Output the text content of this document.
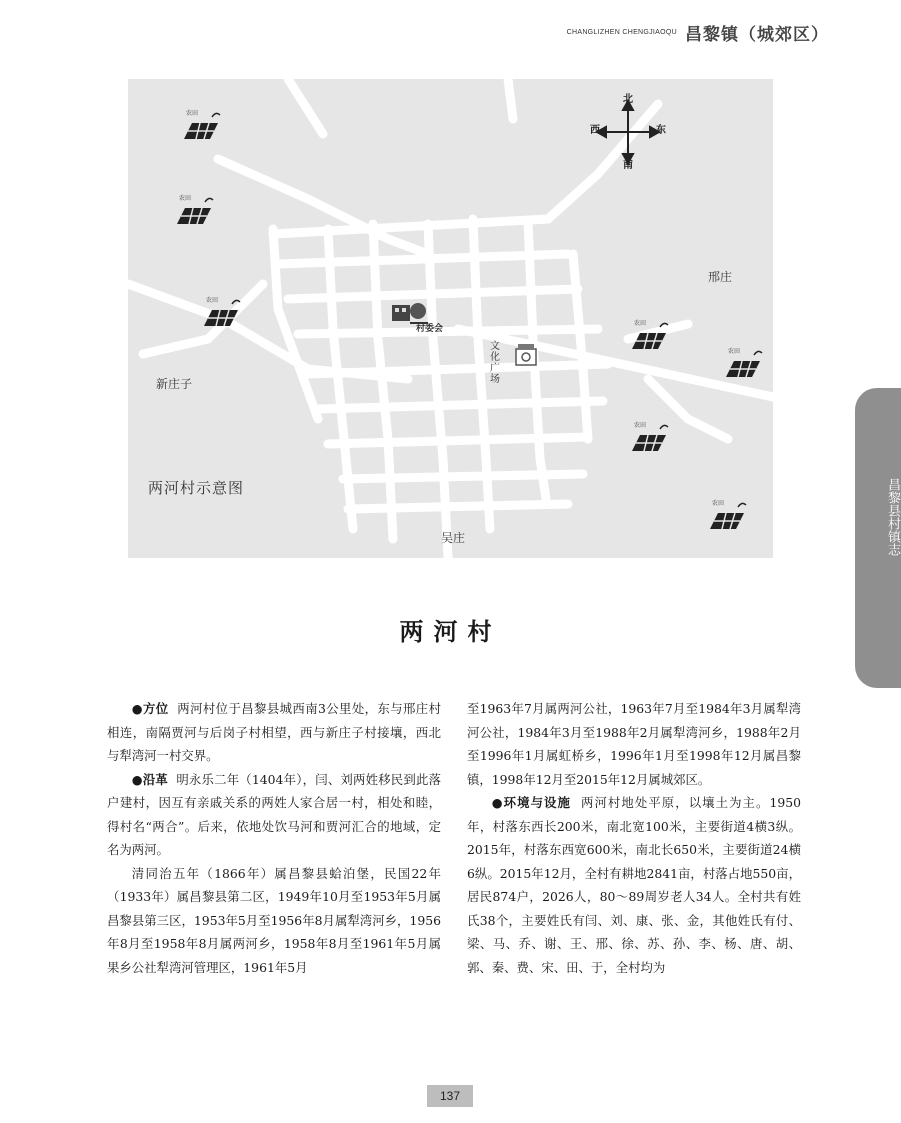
CHANGLIZHEN CHENGJIAOQU 昌黎镇（城郊区）
北
南
西	东
邢庄
新庄子
吴庄
文化广场
村委会
农田
农田
农田
农田
农田
农田
农田
两河村示意图
两河村

●方位 两河村位于昌黎县城西南3公里处，东与邢庄村相连，南隔贾河与后岗子村相望，西与新庄子村接壤，西北与犁湾河一村交界。

●沿革 明永乐二年（1404年），闫、刘两姓移民到此落户建村，因互有亲戚关系的两姓人家合居一村，相处和睦，得村名“两合”。后来，依地处饮马河和贾河汇合的地域，定名为两河。

清同治五年（1866年）属昌黎县蛤泊堡，民国22年（1933年）属昌黎县第二区，1949年10月至1953年5月属昌黎县第三区，1953年5月至1956年8月属犁湾河乡，1956年8月至1958年8月属两河乡，1958年8月至1961年5月属果乡公社犁湾河管理区，1961年5月

至1963年7月属两河公社，1963年7月至1984年3月属犁湾河公社，1984年3月至1988年2月属犁湾河乡，1988年2月至1996年1月属虹桥乡，1996年1月至1998年12月属昌黎镇，1998年12月至2015年12月属城郊区。

●环境与设施 两河村地处平原，以壤土为主。1950年，村落东西长200米，南北宽100米，主要街道4横3纵。2015年，村落东西宽600米，南北长650米，主要街道24横6纵。2015年12月，全村有耕地2841亩，村落占地550亩，居民874户，2026人，80～89周岁老人34人。全村共有姓氏38个，主要姓氏有闫、刘、康、张、金，其他姓氏有付、梁、马、乔、谢、王、邢、徐、苏、孙、李、杨、唐、胡、郭、秦、费、宋、田、于，全村均为

昌黎县村镇志
137
